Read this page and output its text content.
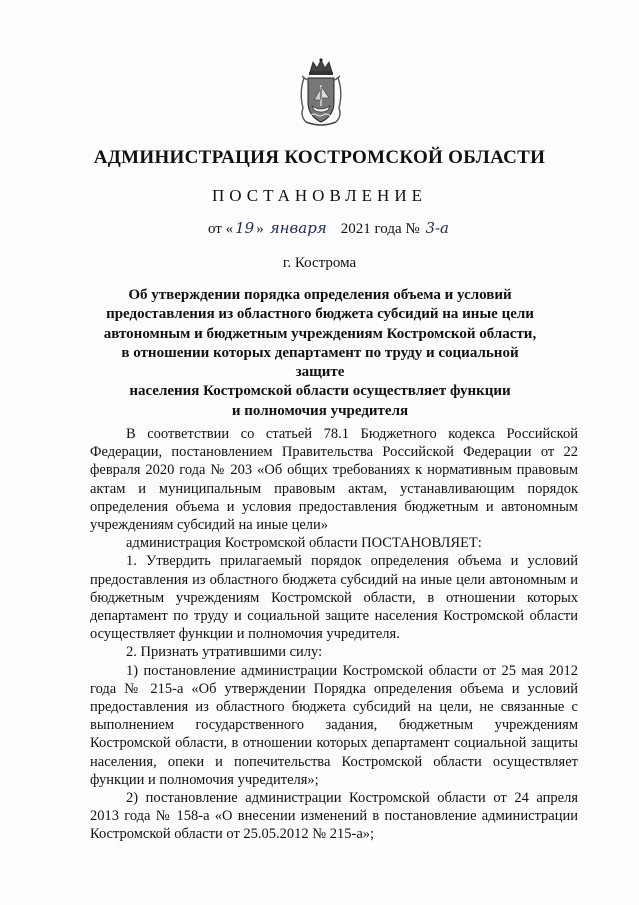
АДМИНИСТРАЦИЯ КОСТРОМСКОЙ ОБЛАСТИ
ПОСТАНОВЛЕНИЕ
от « 19 » января 2021 года № 3-а
г. Кострома
Об утверждении порядка определения объема и условий
предоставления из областного бюджета субсидий на иные цели
автономным и бюджетным учреждениям Костромской области,
в отношении которых департамент по труду и социальной защите
населения Костромской области осуществляет функции
и полномочия учредителя

В соответствии со статьей 78.1 Бюджетного кодекса Российской Федерации, постановлением Правительства Российской Федерации от 22 февраля 2020 года № 203 «Об общих требованиях к нормативным правовым актам и муниципальным правовым актам, устанавливающим порядок определения объема и условия предоставления бюджетным и автономным учреждениям субсидий на иные цели»

администрация Костромской области ПОСТАНОВЛЯЕТ:

1. Утвердить прилагаемый порядок определения объема и условий предоставления из областного бюджета субсидий на иные цели автономным и бюджетным учреждениям Костромской области, в отношении которых департамент по труду и социальной защите населения Костромской области осуществляет функции и полномочия учредителя.

2. Признать утратившими силу:

1) постановление администрации Костромской области от 25 мая 2012 года № 215-а «Об утверждении Порядка определения объема и условий предоставления из областного бюджета субсидий на цели, не связанные с выполнением государственного задания, бюджетным учреждениям Костромской области, в отношении которых департамент социальной защиты населения, опеки и попечительства Костромской области осуществляет функции и полномочия учредителя»;

2) постановление администрации Костромской области от 24 апреля 2013 года № 158-а «О внесении изменений в постановление администрации Костромской области от 25.05.2012 № 215-а»;
